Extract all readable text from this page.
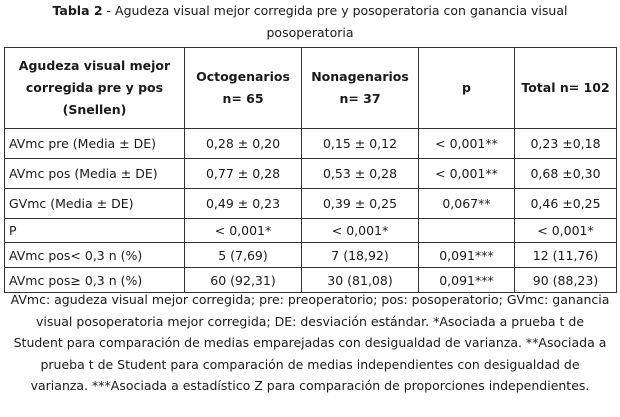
Tabla 2 - Agudeza visual mejor corregida pre y posoperatoria con ganancia visual posoperatoria
Agudeza visual mejor corregida pre y pos (Snellen)	Octogenarios n= 65	Nonagenarios n= 37	p	Total n= 102
AVmc pre (Media ± DE)	0,28 ± 0,20	0,15 ± 0,12	< 0,001**	0,23 ±0,18
AVmc pos (Media ± DE)	0,77 ± 0,28	0,53 ± 0,28	< 0,001**	0,68 ±0,30
GVmc (Media ± DE)	0,49 ± 0,23	0,39 ± 0,25	0,067**	0,46 ±0,25
P	< 0,001*	< 0,001*		< 0,001*
AVmc pos< 0,3 n (%)	5 (7,69)	7 (18,92)	0,091***	12 (11,76)
AVmc pos≥ 0,3 n (%)	60 (92,31)	30 (81,08)	0,091***	90 (88,23)
AVmc: agudeza visual mejor corregida; pre: preoperatorio; pos: posoperatorio; GVmc: ganancia visual posoperatoria mejor corregida; DE: desviación estándar. *Asociada a prueba t de Student para comparación de medias emparejadas con desigualdad de varianza. **Asociada a prueba t de Student para comparación de medias independientes con desigualdad de varianza. ***Asociada a estadístico Z para comparación de proporciones independientes.
